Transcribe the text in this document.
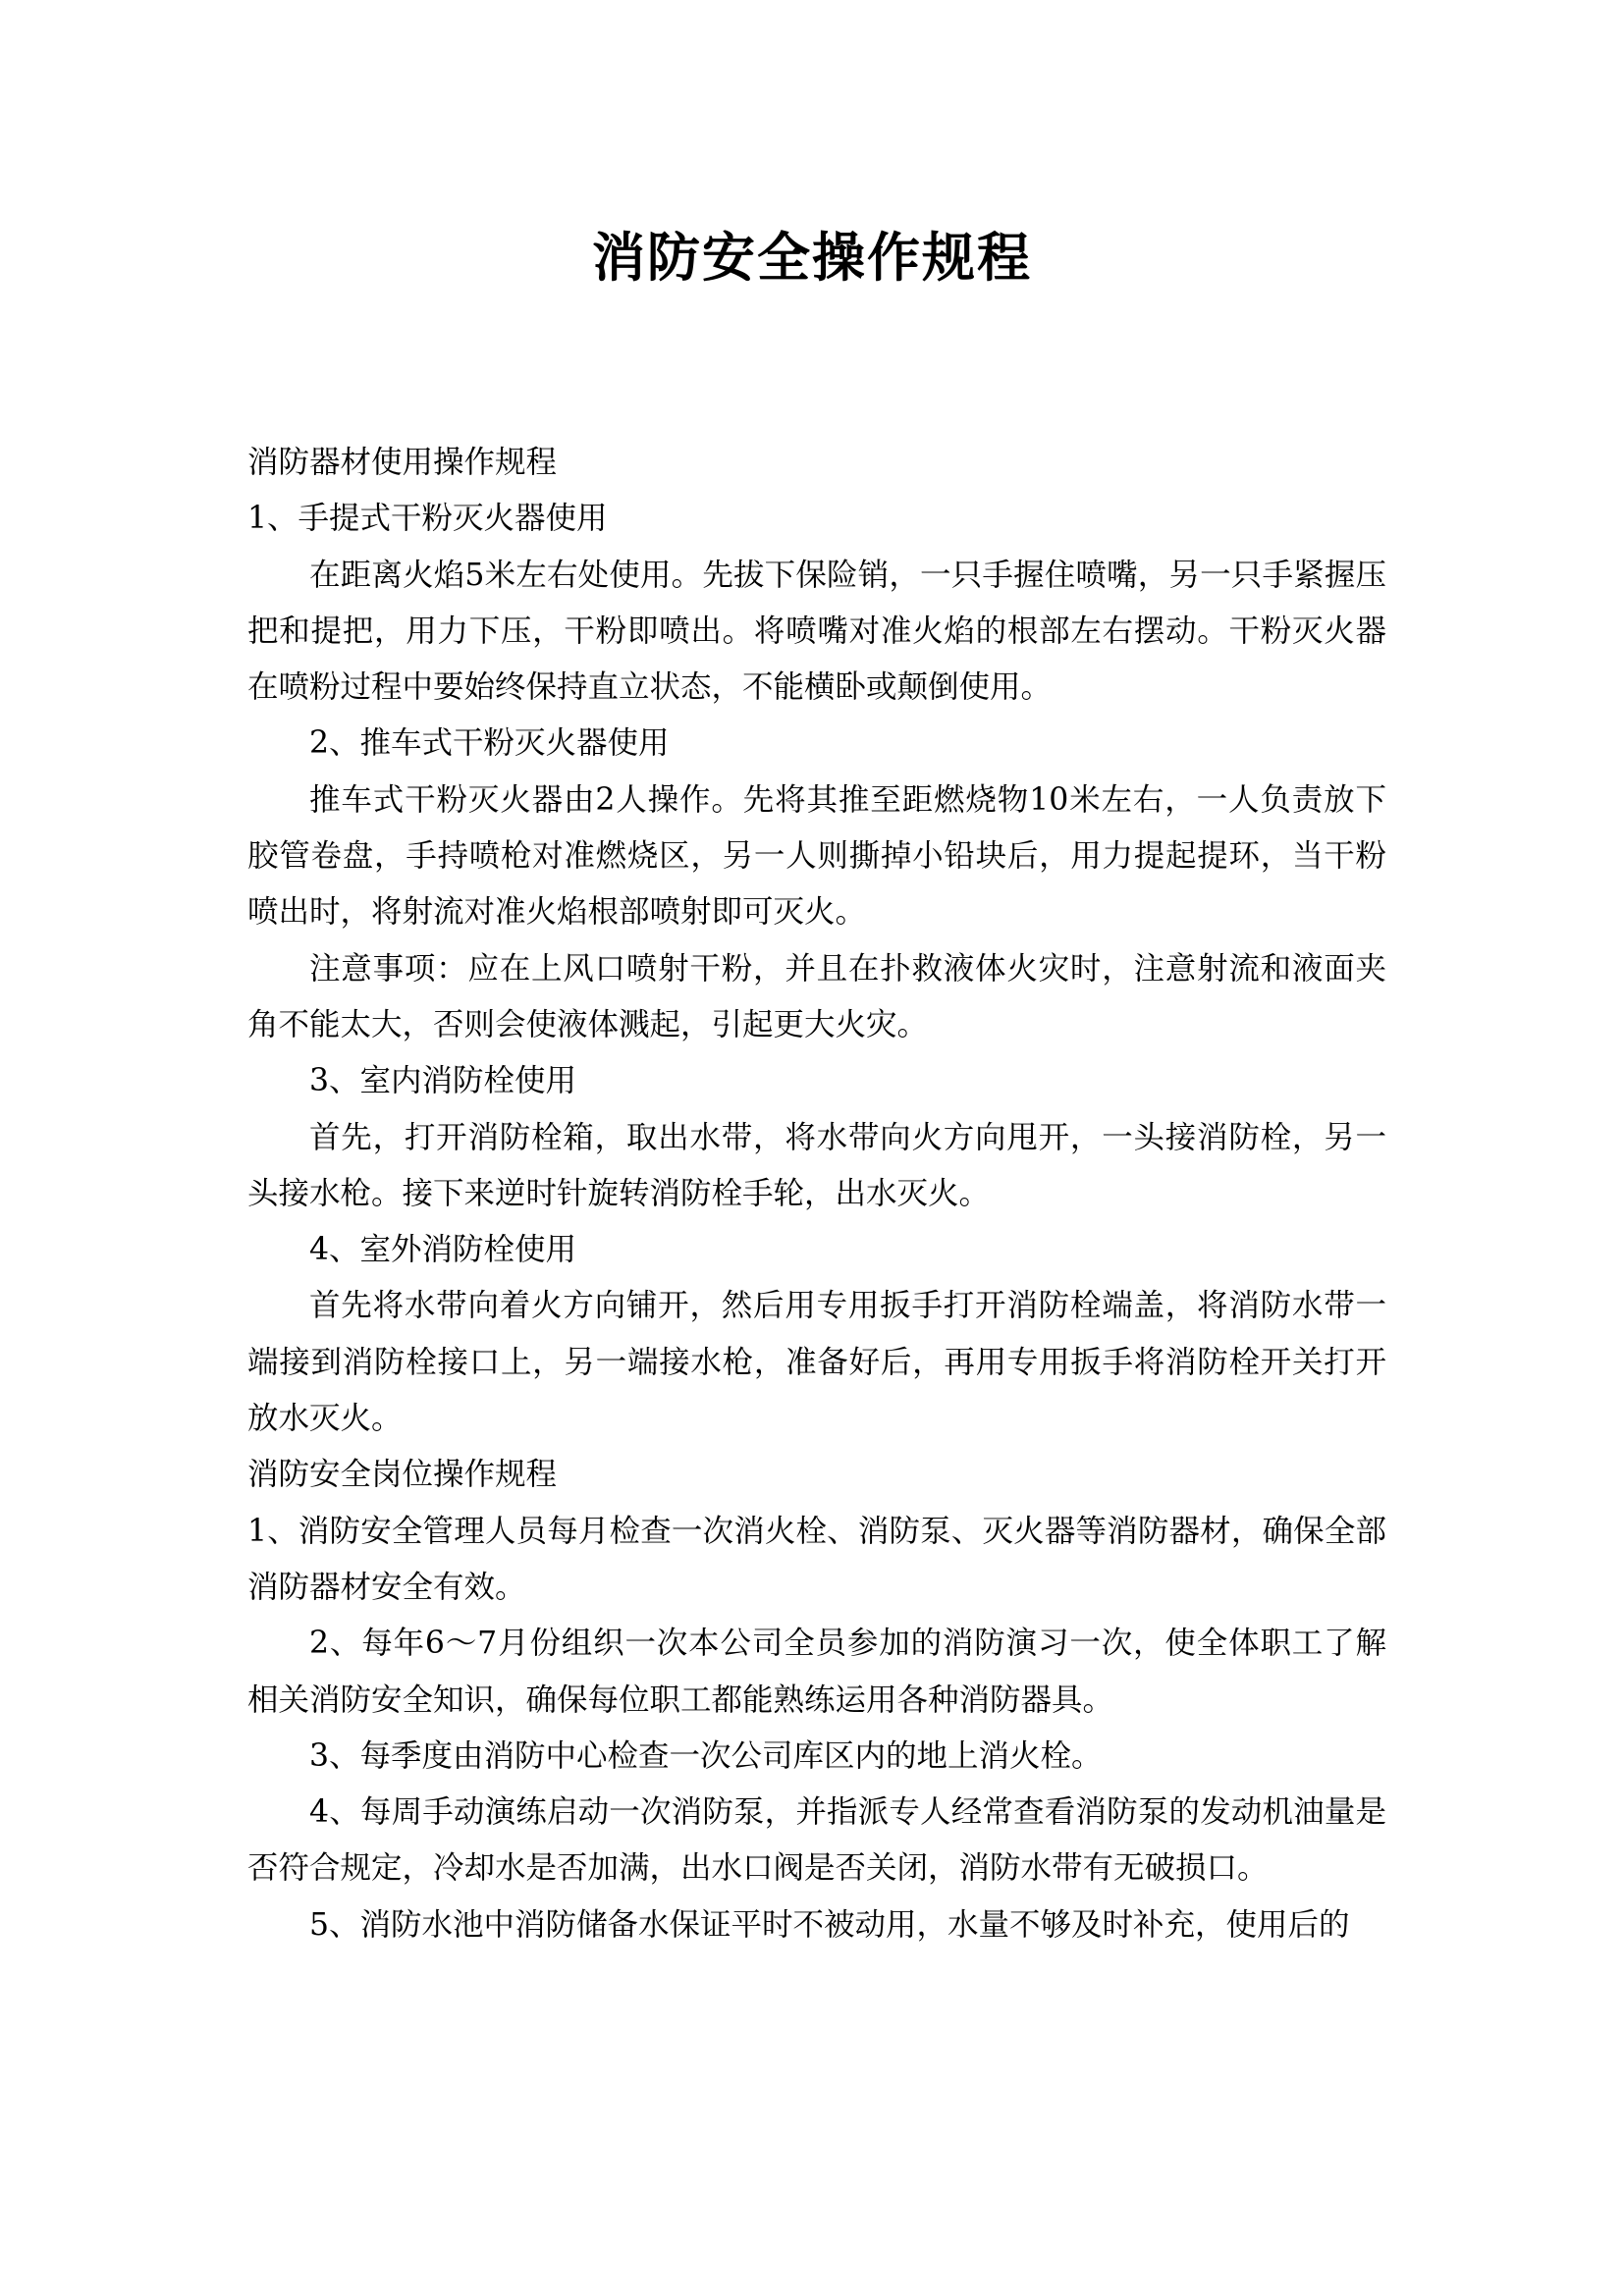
消防安全操作规程

消防器材使用操作规程

1、手提式干粉灭火器使用

在距离火焰5米左右处使用。先拔下保险销，一只手握住喷嘴，另一只手紧握压把和提把，用力下压，干粉即喷出。将喷嘴对准火焰的根部左右摆动。干粉灭火器在喷粉过程中要始终保持直立状态，不能横卧或颠倒使用。

2、推车式干粉灭火器使用

推车式干粉灭火器由2人操作。先将其推至距燃烧物10米左右，一人负责放下胶管卷盘，手持喷枪对准燃烧区，另一人则撕掉小铅块后，用力提起提环，当干粉喷出时，将射流对准火焰根部喷射即可灭火。

注意事项：应在上风口喷射干粉，并且在扑救液体火灾时，注意射流和液面夹角不能太大，否则会使液体溅起，引起更大火灾。

3、室内消防栓使用

首先，打开消防栓箱，取出水带，将水带向火方向甩开，一头接消防栓，另一头接水枪。接下来逆时针旋转消防栓手轮，出水灭火。

4、室外消防栓使用

首先将水带向着火方向铺开，然后用专用扳手打开消防栓端盖，将消防水带一端接到消防栓接口上，另一端接水枪，准备好后，再用专用扳手将消防栓开关打开放水灭火。

消防安全岗位操作规程

1、消防安全管理人员每月检查一次消火栓、消防泵、灭火器等消防器材，确保全部消防器材安全有效。

2、每年6～7月份组织一次本公司全员参加的消防演习一次，使全体职工了解相关消防安全知识，确保每位职工都能熟练运用各种消防器具。

3、每季度由消防中心检查一次公司库区内的地上消火栓。

4、每周手动演练启动一次消防泵，并指派专人经常查看消防泵的发动机油量是否符合规定，冷却水是否加满，出水口阀是否关闭，消防水带有无破损口。

5、消防水池中消防储备水保证平时不被动用，水量不够及时补充，使用后的
